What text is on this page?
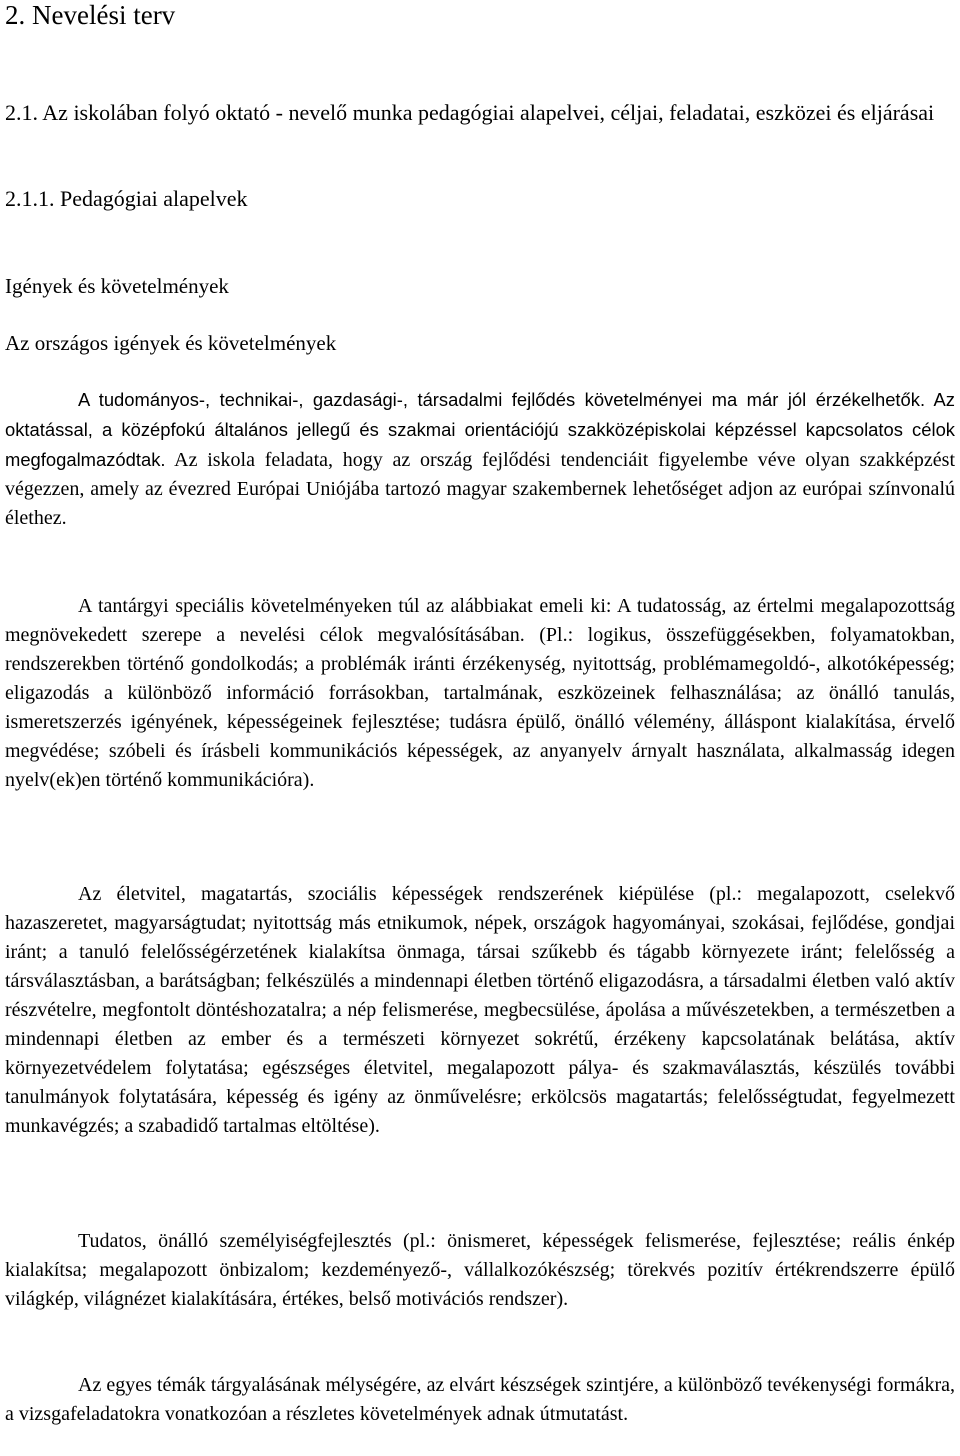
2. Nevelési terv
2.1. Az iskolában folyó oktató - nevelő munka pedagógiai alapelvei, céljai, feladatai, eszközei és eljárásai
2.1.1. Pedagógiai alapelvek

Igények és követelmények

Az országos igények és követelmények

A tudományos-, technikai-, gazdasági-, társadalmi fejlődés követelményei ma már jól érzékelhetők. Az oktatással, a középfokú általános jellegű és szakmai orientációjú szakközépiskolai képzéssel kapcsolatos célok megfogalmazódtak. Az iskola feladata, hogy az ország fejlődési tendenciáit figyelembe véve olyan szakképzést végezzen, amely az évezred Európai Uniójába tartozó magyar szakembernek lehetőséget adjon az európai színvonalú élethez.

A tantárgyi speciális követelményeken túl az alábbiakat emeli ki: A tudatosság, az értelmi megalapozottság megnövekedett szerepe a nevelési célok megvalósításában. (Pl.: logikus, összefüggésekben, folyamatokban, rendszerekben történő gondolkodás; a problémák iránti érzékenység, nyitottság, problémamegoldó-, alkotóképesség; eligazodás a különböző információ forrásokban, tartalmának, eszközeinek felhasználása; az önálló tanulás, ismeretszerzés igényének, képességeinek fejlesztése; tudásra épülő, önálló vélemény, álláspont kialakítása, érvelő megvédése; szóbeli és írásbeli kommunikációs képességek, az anyanyelv árnyalt használata, alkalmasság idegen nyelv(ek)en történő kommunikációra).

Az életvitel, magatartás, szociális képességek rendszerének kiépülése (pl.: megalapozott, cselekvő hazaszeretet, magyarságtudat; nyitottság más etnikumok, népek, országok hagyományai, szokásai, fejlődése, gondjai iránt; a tanuló felelősségérzetének kialakítsa önmaga, társai szűkebb és tágabb környezete iránt; felelősség a társválasztásban, a barátságban; felkészülés a mindennapi életben történő eligazodásra, a társadalmi életben való aktív részvételre, megfontolt döntéshozatalra; a nép felismerése, megbecsülése, ápolása a művészetekben, a természetben a mindennapi életben az ember és a természeti környezet sokrétű, érzékeny kapcsolatának belátása, aktív környezetvédelem folytatása; egészséges életvitel, megalapozott pálya- és szakmaválasztás, készülés további tanulmányok folytatására, képesség és igény az önművelésre; erkölcsös magatartás; felelősségtudat, fegyelmezett munkavégzés; a szabadidő tartalmas eltöltése).

Tudatos, önálló személyiségfejlesztés (pl.: önismeret, képességek felismerése, fejlesztése; reális énkép kialakítsa; megalapozott önbizalom; kezdeményező-, vállalkozókészség; törekvés pozitív értékrendszerre épülő világkép, világnézet kialakítására, értékes, belső motivációs rendszer).

Az egyes témák tárgyalásának mélységére, az elvárt készségek szintjére, a különböző tevékenységi formákra, a vizsgafeladatokra vonatkozóan a részletes követelmények adnak útmutatást.
